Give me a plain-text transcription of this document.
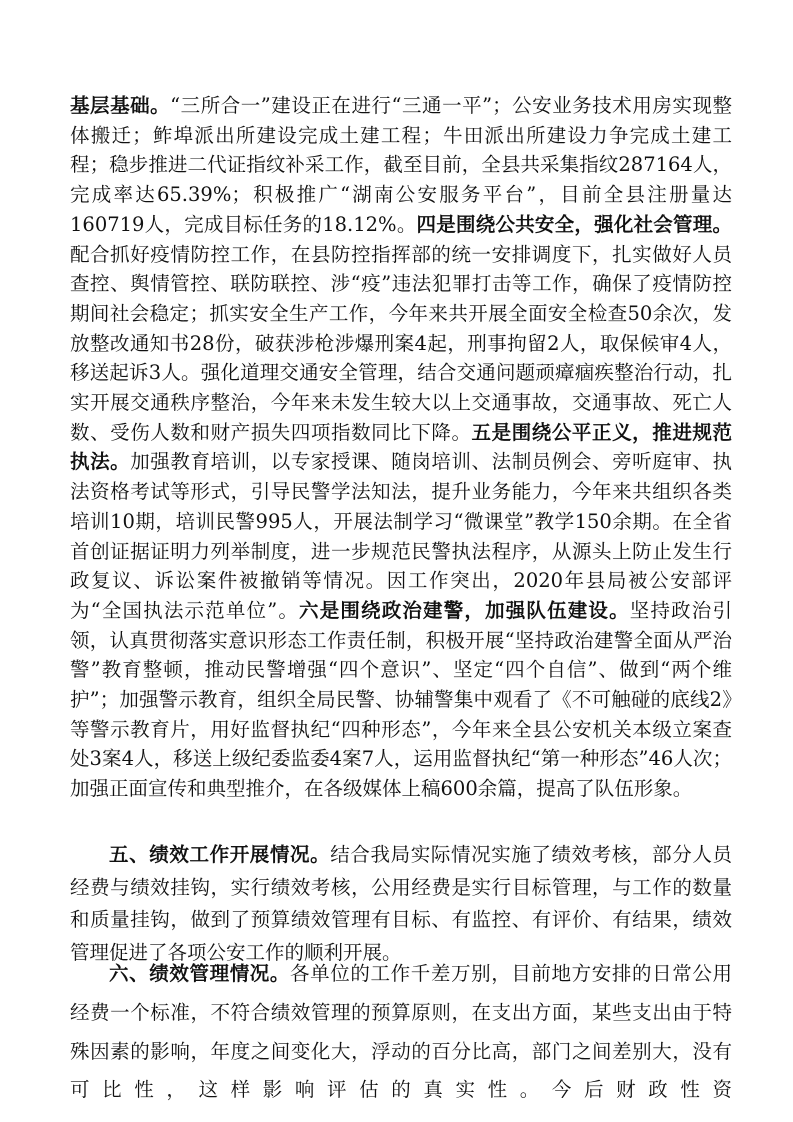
基层基础。“三所合一”建设正在进行“三通一平”；公安业务技术用房实现整体搬迁；鲊埠派出所建设完成土建工程；牛田派出所建设力争完成土建工程；稳步推进二代证指纹补采工作，截至目前，全县共采集指纹287164人，完成率达65.39%；积极推广“湖南公安服务平台”，目前全县注册量达160719人，完成目标任务的18.12%。四是围绕公共安全，强化社会管理。配合抓好疫情防控工作，在县防控指挥部的统一安排调度下，扎实做好人员查控、舆情管控、联防联控、涉“疫”违法犯罪打击等工作，确保了疫情防控期间社会稳定；抓实安全生产工作，今年来共开展全面安全检查50余次，发放整改通知书28份，破获涉枪涉爆刑案4起，刑事拘留2人，取保候审4人，移送起诉3人。强化道理交通安全管理，结合交通问题顽瘴痼疾整治行动，扎实开展交通秩序整治，今年来未发生较大以上交通事故，交通事故、死亡人数、受伤人数和财产损失四项指数同比下降。五是围绕公平正义，推进规范执法。加强教育培训，以专家授课、随岗培训、法制员例会、旁听庭审、执法资格考试等形式，引导民警学法知法，提升业务能力，今年来共组织各类培训10期，培训民警995人，开展法制学习“微课堂”教学150余期。在全省首创证据证明力列举制度，进一步规范民警执法程序，从源头上防止发生行政复议、诉讼案件被撤销等情况。因工作突出，2020年县局被公安部评为“全国执法示范单位”。六是围绕政治建警，加强队伍建设。坚持政治引领，认真贯彻落实意识形态工作责任制，积极开展“坚持政治建警全面从严治警”教育整顿，推动民警增强“四个意识”、坚定“四个自信”、做到“两个维护”；加强警示教育，组织全局民警、协辅警集中观看了《不可触碰的底线2》等警示教育片，用好监督执纪“四种形态”，今年来全县公安机关本级立案查处3案4人，移送上级纪委监委4案7人，运用监督执纪“第一种形态”46人次；加强正面宣传和典型推介，在各级媒体上稿600余篇，提高了队伍形象。

五、绩效工作开展情况。结合我局实际情况实施了绩效考核，部分人员经费与绩效挂钩，实行绩效考核，公用经费是实行目标管理，与工作的数量和质量挂钩，做到了预算绩效管理有目标、有监控、有评价、有结果，绩效管理促进了各项公安工作的顺利开展。

六、绩效管理情况。各单位的工作千差万别，目前地方安排的日常公用经费一个标准，不符合绩效管理的预算原则，在支出方面，某些支出由于特殊因素的影响，年度之间变化大，浮动的百分比高，部门之间差别大，没有可比性，这样影响评估的真实性。今后财政性资
